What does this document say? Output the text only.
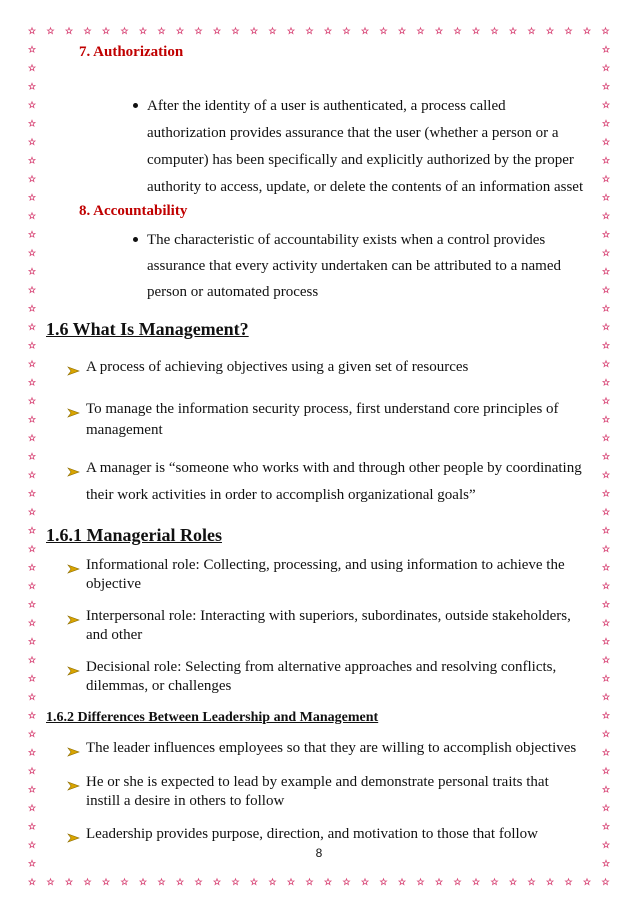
7. Authorization
After the identity of a user is authenticated, a process called
authorization provides assurance that the user (whether a person or a
computer) has been specifically and explicitly authorized by the proper
authority to access, update, or delete the contents of an information asset
8. Accountability
The characteristic of accountability exists when a control provides
assurance that every activity undertaken can be attributed to a named
person or automated process
1.6 What Is Management?
A process of achieving objectives using a given set of resources
To manage the information security process, first understand core principles of
management
A manager is “someone who works with and through other people by coordinating
their work activities in order to accomplish organizational goals”
1.6.1 Managerial Roles
Informational role: Collecting, processing, and using information to achieve the
objective
Interpersonal role: Interacting with superiors, subordinates, outside stakeholders,
and other
Decisional role: Selecting from alternative approaches and resolving conflicts,
dilemmas, or challenges
1.6.2 Differences Between Leadership and Management
The leader influences employees so that they are willing to accomplish objectives
He or she is expected to lead by example and demonstrate personal traits that
instill a desire in others to follow
Leadership provides purpose, direction, and motivation to those that follow
8
